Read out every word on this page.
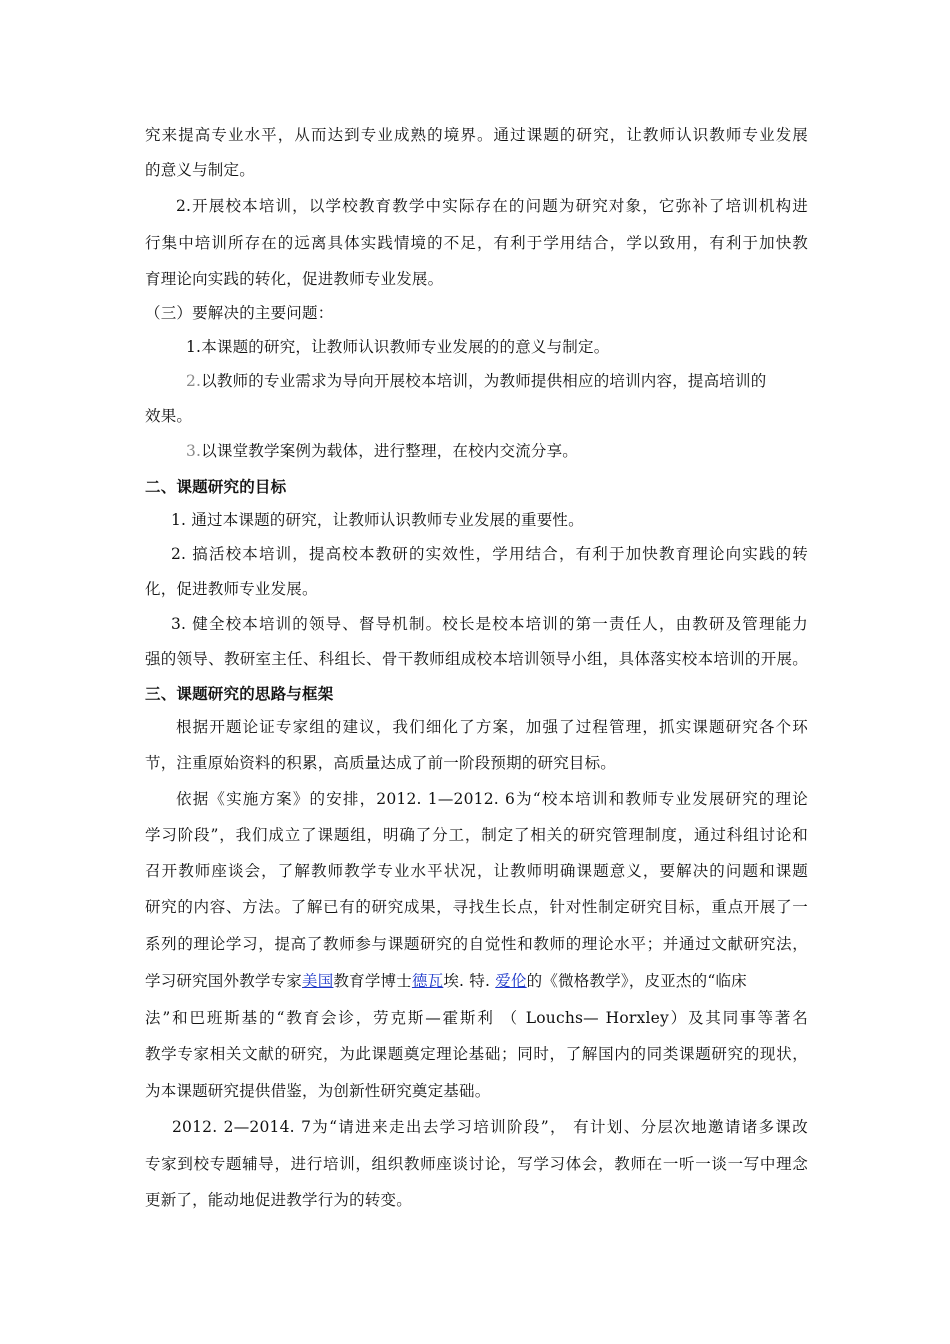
究来提高专业水平，从而达到专业成熟的境界。通过课题的研究，让教师认识教师专业发展
的意义与制定。
2.开展校本培训，以学校教育教学中实际存在的问题为研究对象，它弥补了培训机构进
行集中培训所存在的远离具体实践情境的不足，有利于学用结合，学以致用，有利于加快教
育理论向实践的转化，促进教师专业发展。
（三）要解决的主要问题：
1.本课题的研究，让教师认识教师专业发展的的意义与制定。
2.以教师的专业需求为导向开展校本培训，为教师提供相应的培训内容，提高培训的
效果。
3.以课堂教学案例为载体，进行整理，在校内交流分享。
二、课题研究的目标
1. 通过本课题的研究，让教师认识教师专业发展的重要性。
2. 搞活校本培训，提高校本教研的实效性，学用结合，有利于加快教育理论向实践的转
化，促进教师专业发展。
3. 健全校本培训的领导、督导机制。校长是校本培训的第一责任人，由教研及管理能力
强的领导、教研室主任、科组长、骨干教师组成校本培训领导小组，具体落实校本培训的开展。
三、课题研究的思路与框架
根据开题论证专家组的建议，我们细化了方案，加强了过程管理，抓实课题研究各个环
节，注重原始资料的积累，高质量达成了前一阶段预期的研究目标。
依据《实施方案》的安排，2012. 1—2012. 6为“校本培训和教师专业发展研究的理论
学习阶段”，我们成立了课题组，明确了分工，制定了相关的研究管理制度，通过科组讨论和
召开教师座谈会，了解教师教学专业水平状况，让教师明确课题意义，要解决的问题和课题
研究的内容、方法。了解已有的研究成果，寻找生长点，针对性制定研究目标，重点开展了一
系列的理论学习，提高了教师参与课题研究的自觉性和教师的理论水平；并通过文献研究法，
学习研究国外教学专家美国教育学博士德瓦埃. 特. 爱伦的《微格教学》，皮亚杰的“临床
法”和巴班斯基的“教育会诊，劳克斯—霍斯利 （ Louchs— Horxley）及其同事等著名
教学专家相关文献的研究，为此课题奠定理论基础；同时，了解国内的同类课题研究的现状，
为本课题研究提供借鉴，为创新性研究奠定基础。
2012. 2—2014. 7为“请进来走出去学习培训阶段”， 有计划、分层次地邀请诸多课改
专家到校专题辅导，进行培训，组织教师座谈讨论，写学习体会，教师在一听一谈一写中理念
更新了，能动地促进教学行为的转变。
